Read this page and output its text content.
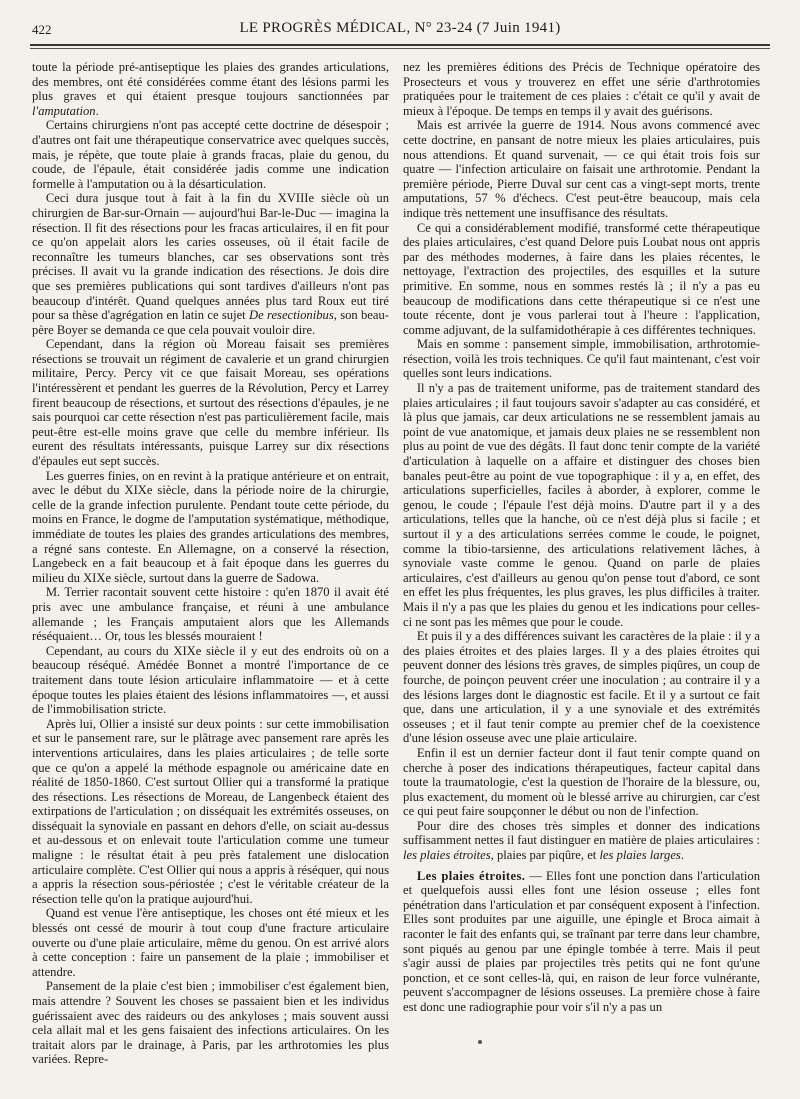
422	LE PROGRÈS MÉDICAL, N° 23-24 (7 Juin 1941)

toute la période pré-antiseptique les plaies des grandes articulations, des membres, ont été considérées comme étant des lésions parmi les plus graves et qui étaient presque toujours sanctionnées par l'amputation.

Certains chirurgiens n'ont pas accepté cette doctrine de désespoir ; d'autres ont fait une thérapeutique conservatrice avec quelques succès, mais, je répète, que toute plaie à grands fracas, plaie du genou, du coude, de l'épaule, était considérée jadis comme une indication formelle à l'amputation ou à la désarticulation.

Ceci dura jusque tout à fait à la fin du XVIIIe siècle où un chirurgien de Bar-sur-Ornain — aujourd'hui Bar-le-Duc — imagina la résection. Il fit des résections pour les fracas articulaires, il en fit pour ce qu'on appelait alors les caries osseuses, où il était facile de reconnaître les tumeurs blanches, car ses observations sont très précises. Il avait vu la grande indication des résections. Je dois dire que ses premières publications qui sont tardives d'ailleurs n'ont pas beaucoup d'intérêt. Quand quelques années plus tard Roux eut tiré pour sa thèse d'agrégation en latin ce sujet De resectionibus, son beau-père Boyer se demanda ce que cela pouvait vouloir dire.

Cependant, dans la région où Moreau faisait ses premières résections se trouvait un régiment de cavalerie et un grand chirurgien militaire, Percy. Percy vit ce que faisait Moreau, ses opérations l'intéressèrent et pendant les guerres de la Révolution, Percy et Larrey firent beaucoup de résections, et surtout des résections d'épaules, je ne sais pourquoi car cette résection n'est pas particulièrement facile, mais peut-être est-elle moins grave que celle du membre inférieur. Ils eurent des résultats intéressants, puisque Larrey sur dix résections d'épaules eut sept succès.

Les guerres finies, on en revint à la pratique antérieure et on entrait, avec le début du XIXe siècle, dans la période noire de la chirurgie, celle de la grande infection purulente. Pendant toute cette période, du moins en France, le dogme de l'amputation systématique, méthodique, immédiate de toutes les plaies des grandes articulations des membres, a régné sans conteste. En Allemagne, on a conservé la résection, Langebeck en a fait beaucoup et à fait époque dans les guerres du milieu du XIXe siècle, surtout dans la guerre de Sadowa.

M. Terrier racontait souvent cette histoire : qu'en 1870 il avait été pris avec une ambulance française, et réuni à une ambulance allemande ; les Français amputaient alors que les Allemands réséquaient… Or, tous les blessés mouraient !

Cependant, au cours du XIXe siècle il y eut des endroits où on a beaucoup réséqué. Amédée Bonnet a montré l'importance de ce traitement dans toute lésion articulaire inflammatoire — et à cette époque toutes les plaies étaient des lésions inflammatoires —, et aussi de l'immobilisation stricte.

Après lui, Ollier a insisté sur deux points : sur cette immobilisation et sur le pansement rare, sur le plâtrage avec pansement rare après les interventions articulaires, dans les plaies articulaires ; de telle sorte que ce qu'on a appelé la méthode espagnole ou américaine date en réalité de 1850-1860. C'est surtout Ollier qui a transformé la pratique des résections. Les résections de Moreau, de Langenbeck étaient des extirpations de l'articulation ; on disséquait les extrémités osseuses, on disséquait la synoviale en passant en dehors d'elle, on sciait au-dessus et au-dessous et on enlevait toute l'articulation comme une tumeur maligne : le résultat était à peu près fatalement une dislocation articulaire complète. C'est Ollier qui nous a appris à réséquer, qui nous a appris la résection sous-périostée ; c'est le véritable créateur de la résection telle qu'on la pratique aujourd'hui.

Quand est venue l'ère antiseptique, les choses ont été mieux et les blessés ont cessé de mourir à tout coup d'une fracture articulaire ouverte ou d'une plaie articulaire, même du genou. On est arrivé alors à cette conception : faire un pansement de la plaie ; immobiliser et attendre.

Pansement de la plaie c'est bien ; immobiliser c'est également bien, mais attendre ? Souvent les choses se passaient bien et les individus guérissaient avec des raideurs ou des ankyloses ; mais souvent aussi cela allait mal et les gens faisaient des infections articulaires. On les traitait alors par le drainage, à Paris, par les arthrotomies les plus variées. Repre-

nez les premières éditions des Précis de Technique opératoire des Prosecteurs et vous y trouverez en effet une série d'arthrotomies pratiquées pour le traitement de ces plaies : c'était ce qu'il y avait de mieux à l'époque. De temps en temps il y avait des guérisons.

Mais est arrivée la guerre de 1914. Nous avons commencé avec cette doctrine, en pansant de notre mieux les plaies articulaires, puis nous attendions. Et quand survenait, — ce qui était trois fois sur quatre — l'infection articulaire on faisait une arthrotomie. Pendant la première période, Pierre Duval sur cent cas a vingt-sept morts, trente amputations, 57 % d'échecs. C'est peut-être beaucoup, mais cela indique très nettement une insuffisance des résultats.

Ce qui a considérablement modifié, transformé cette thérapeutique des plaies articulaires, c'est quand Delore puis Loubat nous ont appris par des méthodes modernes, à faire dans les plaies récentes, le nettoyage, l'extraction des projectiles, des esquilles et la suture primitive. En somme, nous en sommes restés là ; il n'y a pas eu beaucoup de modifications dans cette thérapeutique si ce n'est une toute récente, dont je vous parlerai tout à l'heure : l'application, comme adjuvant, de la sulfamidothérapie à ces différentes techniques.

Mais en somme : pansement simple, immobilisation, arthrotomie-résection, voilà les trois techniques. Ce qu'il faut maintenant, c'est voir quelles sont leurs indications.

Il n'y a pas de traitement uniforme, pas de traitement standard des plaies articulaires ; il faut toujours savoir s'adapter au cas considéré, et là plus que jamais, car deux articulations ne se ressemblent jamais au point de vue anatomique, et jamais deux plaies ne se ressemblent non plus au point de vue des dégâts. Il faut donc tenir compte de la variété d'articulation à laquelle on a affaire et distinguer des choses bien banales peut-être au point de vue topographique : il y a, en effet, des articulations superficielles, faciles à aborder, à explorer, comme le genou, le coude ; l'épaule l'est déjà moins. D'autre part il y a des articulations, telles que la hanche, où ce n'est déjà plus si facile ; et surtout il y a des articulations serrées comme le coude, le poignet, comme la tibio-tarsienne, des articulations relativement lâches, à synoviale vaste comme le genou. Quand on parle de plaies articulaires, c'est d'ailleurs au genou qu'on pense tout d'abord, ce sont en effet les plus fréquentes, les plus graves, les plus difficiles à traiter. Mais il n'y a pas que les plaies du genou et les indications pour celles-ci ne sont pas les mêmes que pour le coude.

Et puis il y a des différences suivant les caractères de la plaie : il y a des plaies étroites et des plaies larges. Il y a des plaies étroites qui peuvent donner des lésions très graves, de simples piqûres, un coup de fourche, de poinçon peuvent créer une inoculation ; au contraire il y a des lésions larges dont le diagnostic est facile. Et il y a surtout ce fait que, dans une articulation, il y a une synoviale et des extrémités osseuses ; et il faut tenir compte au premier chef de la coexistence d'une lésion osseuse avec une plaie articulaire.

Enfin il est un dernier facteur dont il faut tenir compte quand on cherche à poser des indications thérapeutiques, facteur capital dans toute la traumatologie, c'est la question de l'horaire de la blessure, ou, plus exactement, du moment où le blessé arrive au chirurgien, car c'est ce qui peut faire soupçonner le début ou non de l'infection.

Pour dire des choses très simples et donner des indications suffisamment nettes il faut distinguer en matière de plaies articulaires : les plaies étroites, plaies par piqûre, et les plaies larges.

Les plaies étroites. — Elles font une ponction dans l'articulation et quelquefois aussi elles font une lésion osseuse ; elles font pénétration dans l'articulation et par conséquent exposent à l'infection. Elles sont produites par une aiguille, une épingle et Broca aimait à raconter le fait des enfants qui, se traînant par terre dans leur chambre, sont piqués au genou par une épingle tombée à terre. Mais il peut s'agir aussi de plaies par projectiles très petits qui ne font qu'une ponction, et ce sont celles-là, qui, en raison de leur force vulnérante, peuvent s'accompagner de lésions osseuses. La première chose à faire est donc une radiographie pour voir s'il n'y a pas un
